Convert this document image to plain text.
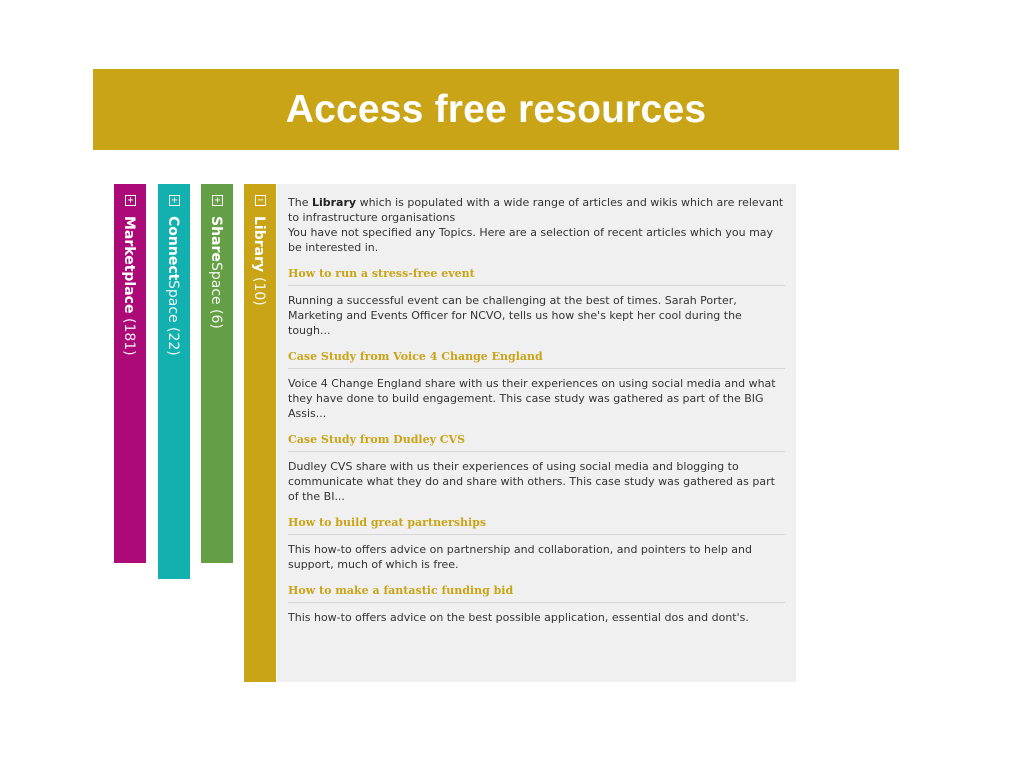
Access free resources
+
Marketplace (181)
+
ConnectSpace (22)
+
ShareSpace (6)
−
Library (10)
The Library which is populated with a wide range of articles and wikis which are relevant to infrastructure organisations
You have not specified any Topics. Here are a selection of recent articles which you may be interested in.
How to run a stress-free event
Running a successful event can be challenging at the best of times. Sarah Porter, Marketing and Events Officer for NCVO, tells us how she's kept her cool during the tough...
Case Study from Voice 4 Change England
Voice 4 Change England share with us their experiences on using social media and what they have done to build engagement. This case study was gathered as part of the BIG Assis...
Case Study from Dudley CVS
Dudley CVS share with us their experiences of using social media and blogging to communicate what they do and share with others. This case study was gathered as part of the BI...
How to build great partnerships
This how-to offers advice on partnership and collaboration, and pointers to help and support, much of which is free.
How to make a fantastic funding bid
This how-to offers advice on the best possible application, essential dos and dont's.
